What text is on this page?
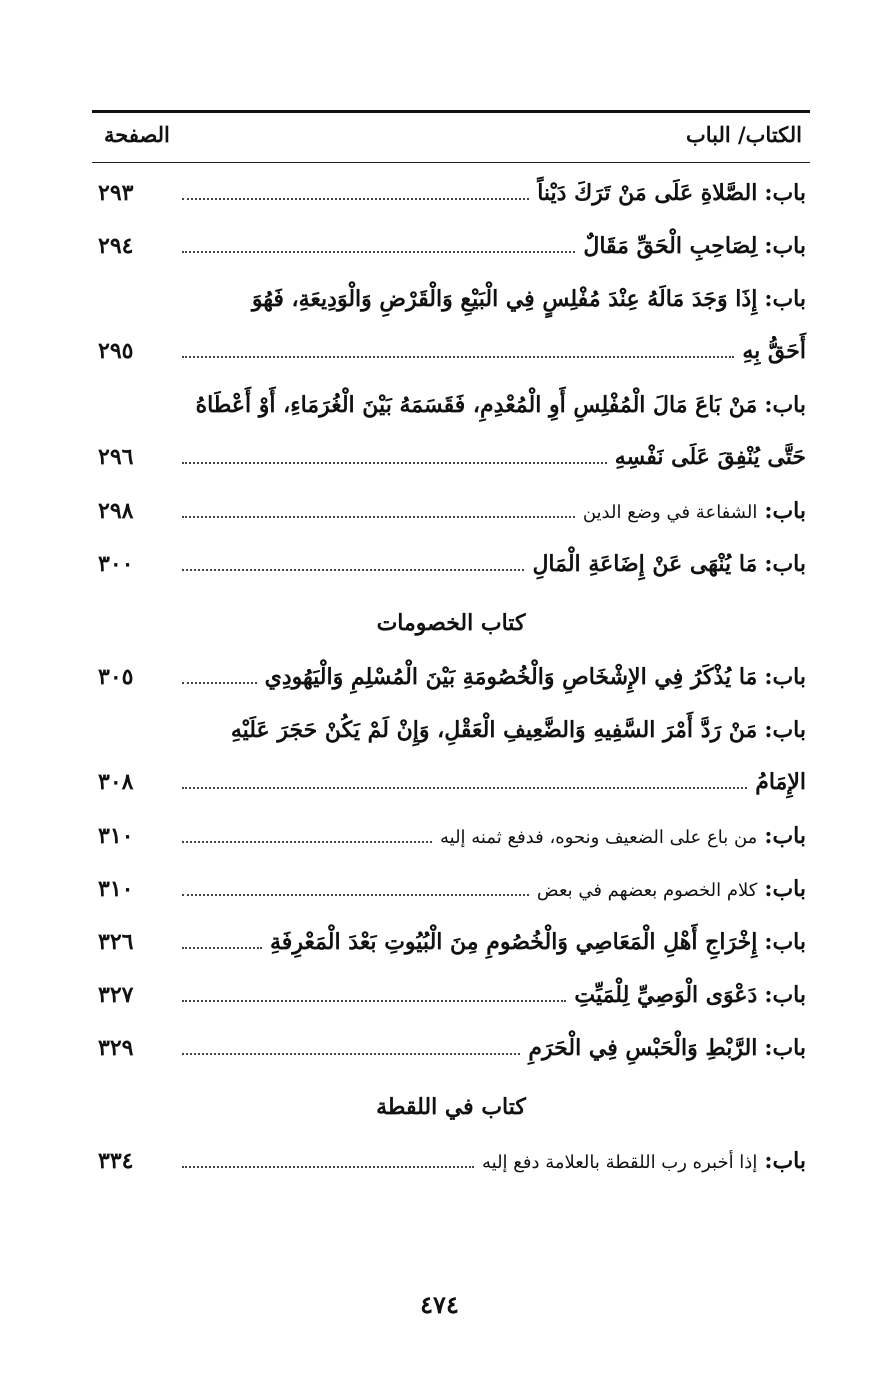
الكتاب/ الباب
الصفحة
باب: الصَّلاةِ عَلَى مَنْ تَرَكَ دَيْناً
٢٩٣
باب: لِصَاحِبِ الْحَقِّ مَقَالٌ
٢٩٤
باب: إِذَا وَجَدَ مَالَهُ عِنْدَ مُفْلِسٍ فِي الْبَيْعِ وَالْقَرْضِ وَالْوَدِيعَةِ، فَهُوَ
أَحَقُّ بِهِ
٢٩٥
باب: مَنْ بَاعَ مَالَ الْمُفْلِسِ أَوِ الْمُعْدِمِ، فَقَسَمَهُ بَيْنَ الْغُرَمَاءِ، أَوْ أَعْطَاهُ
حَتَّى يُنْفِقَ عَلَى نَفْسِهِ
٢٩٦
باب: الشفاعة في وضع الدين
٢٩٨
باب: مَا يُنْهَى عَنْ إِضَاعَةِ الْمَالِ
٣٠٠
كتاب الخصومات
باب: مَا يُذْكَرُ فِي الإِشْخَاصِ وَالْخُصُومَةِ بَيْنَ الْمُسْلِمِ وَالْيَهُودِي
٣٠٥
باب: مَنْ رَدَّ أَمْرَ السَّفِيهِ وَالضَّعِيفِ الْعَقْلِ، وَإِنْ لَمْ يَكُنْ حَجَرَ عَلَيْهِ
الإِمَامُ
٣٠٨
باب: من باع على الضعيف ونحوه، فدفع ثمنه إليه
٣١٠
باب: كلام الخصوم بعضهم في بعض
٣١٠
باب: إِخْرَاجِ أَهْلِ الْمَعَاصِي وَالْخُصُومِ مِنَ الْبُيُوتِ بَعْدَ الْمَعْرِفَةِ
٣٢٦
باب: دَعْوَى الْوَصِيِّ لِلْمَيِّتِ
٣٢٧
باب: الرَّبْطِ وَالْحَبْسِ فِي الْحَرَمِ
٣٢٩
كتاب في اللقطة
باب: إذا أخبره رب اللقطة بالعلامة دفع إليه
٣٣٤
٤٧٤
